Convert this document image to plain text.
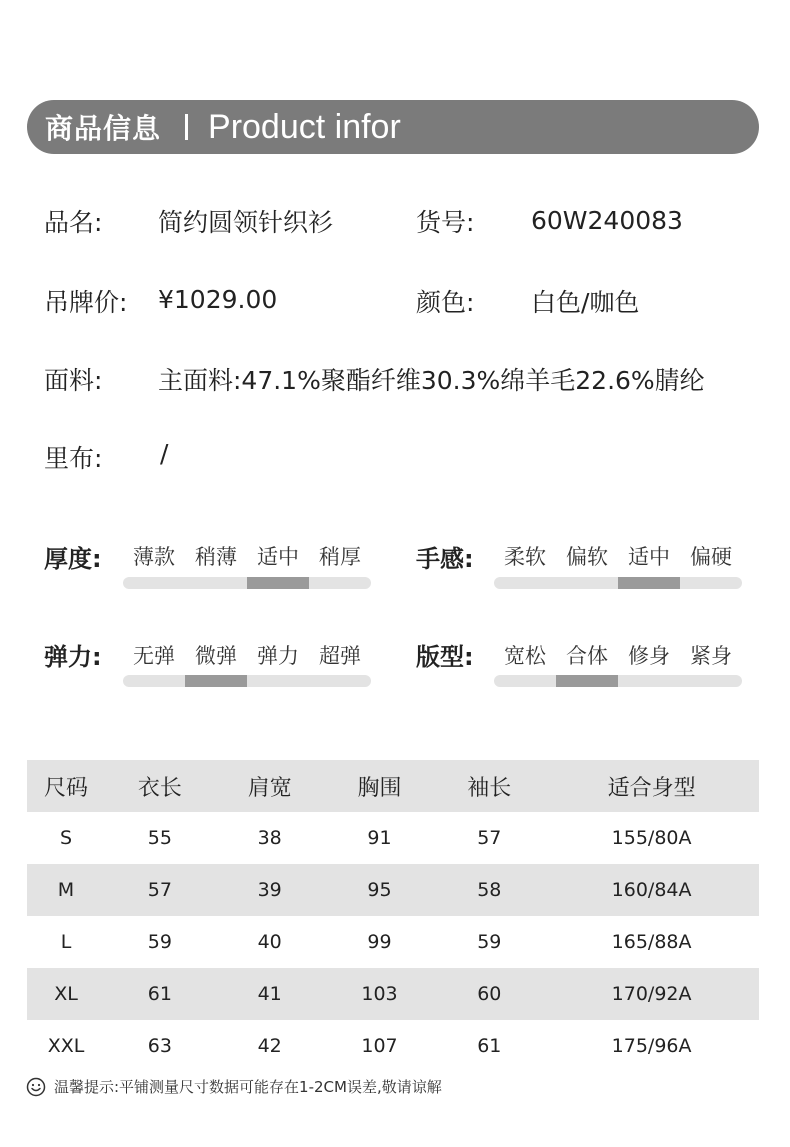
商品信息 Product infor
品名: 简约圆领针织衫	货号: 60W240083
吊牌价: ¥1029.00	颜色: 白色/咖色
面料: 主面料:47.1%聚酯纤维30.3%绵羊毛22.6%腈纶
里布: /
厚度:	薄款 稍薄 适中 稍厚	手感:	柔软 偏软 适中 偏硬
弹力:	无弹 微弹 弹力 超弹	版型:	宽松 合体 修身 紧身
尺码	衣长	肩宽	胸围	袖长	适合身型
S	55	38	91	57	155/80A
M	57	39	95	58	160/84A
L	59	40	99	59	165/88A
XL	61	41	103	60	170/92A
XXL	63	42	107	61	175/96A
温馨提示:平铺测量尺寸数据可能存在1-2CM误差,敬请谅解
